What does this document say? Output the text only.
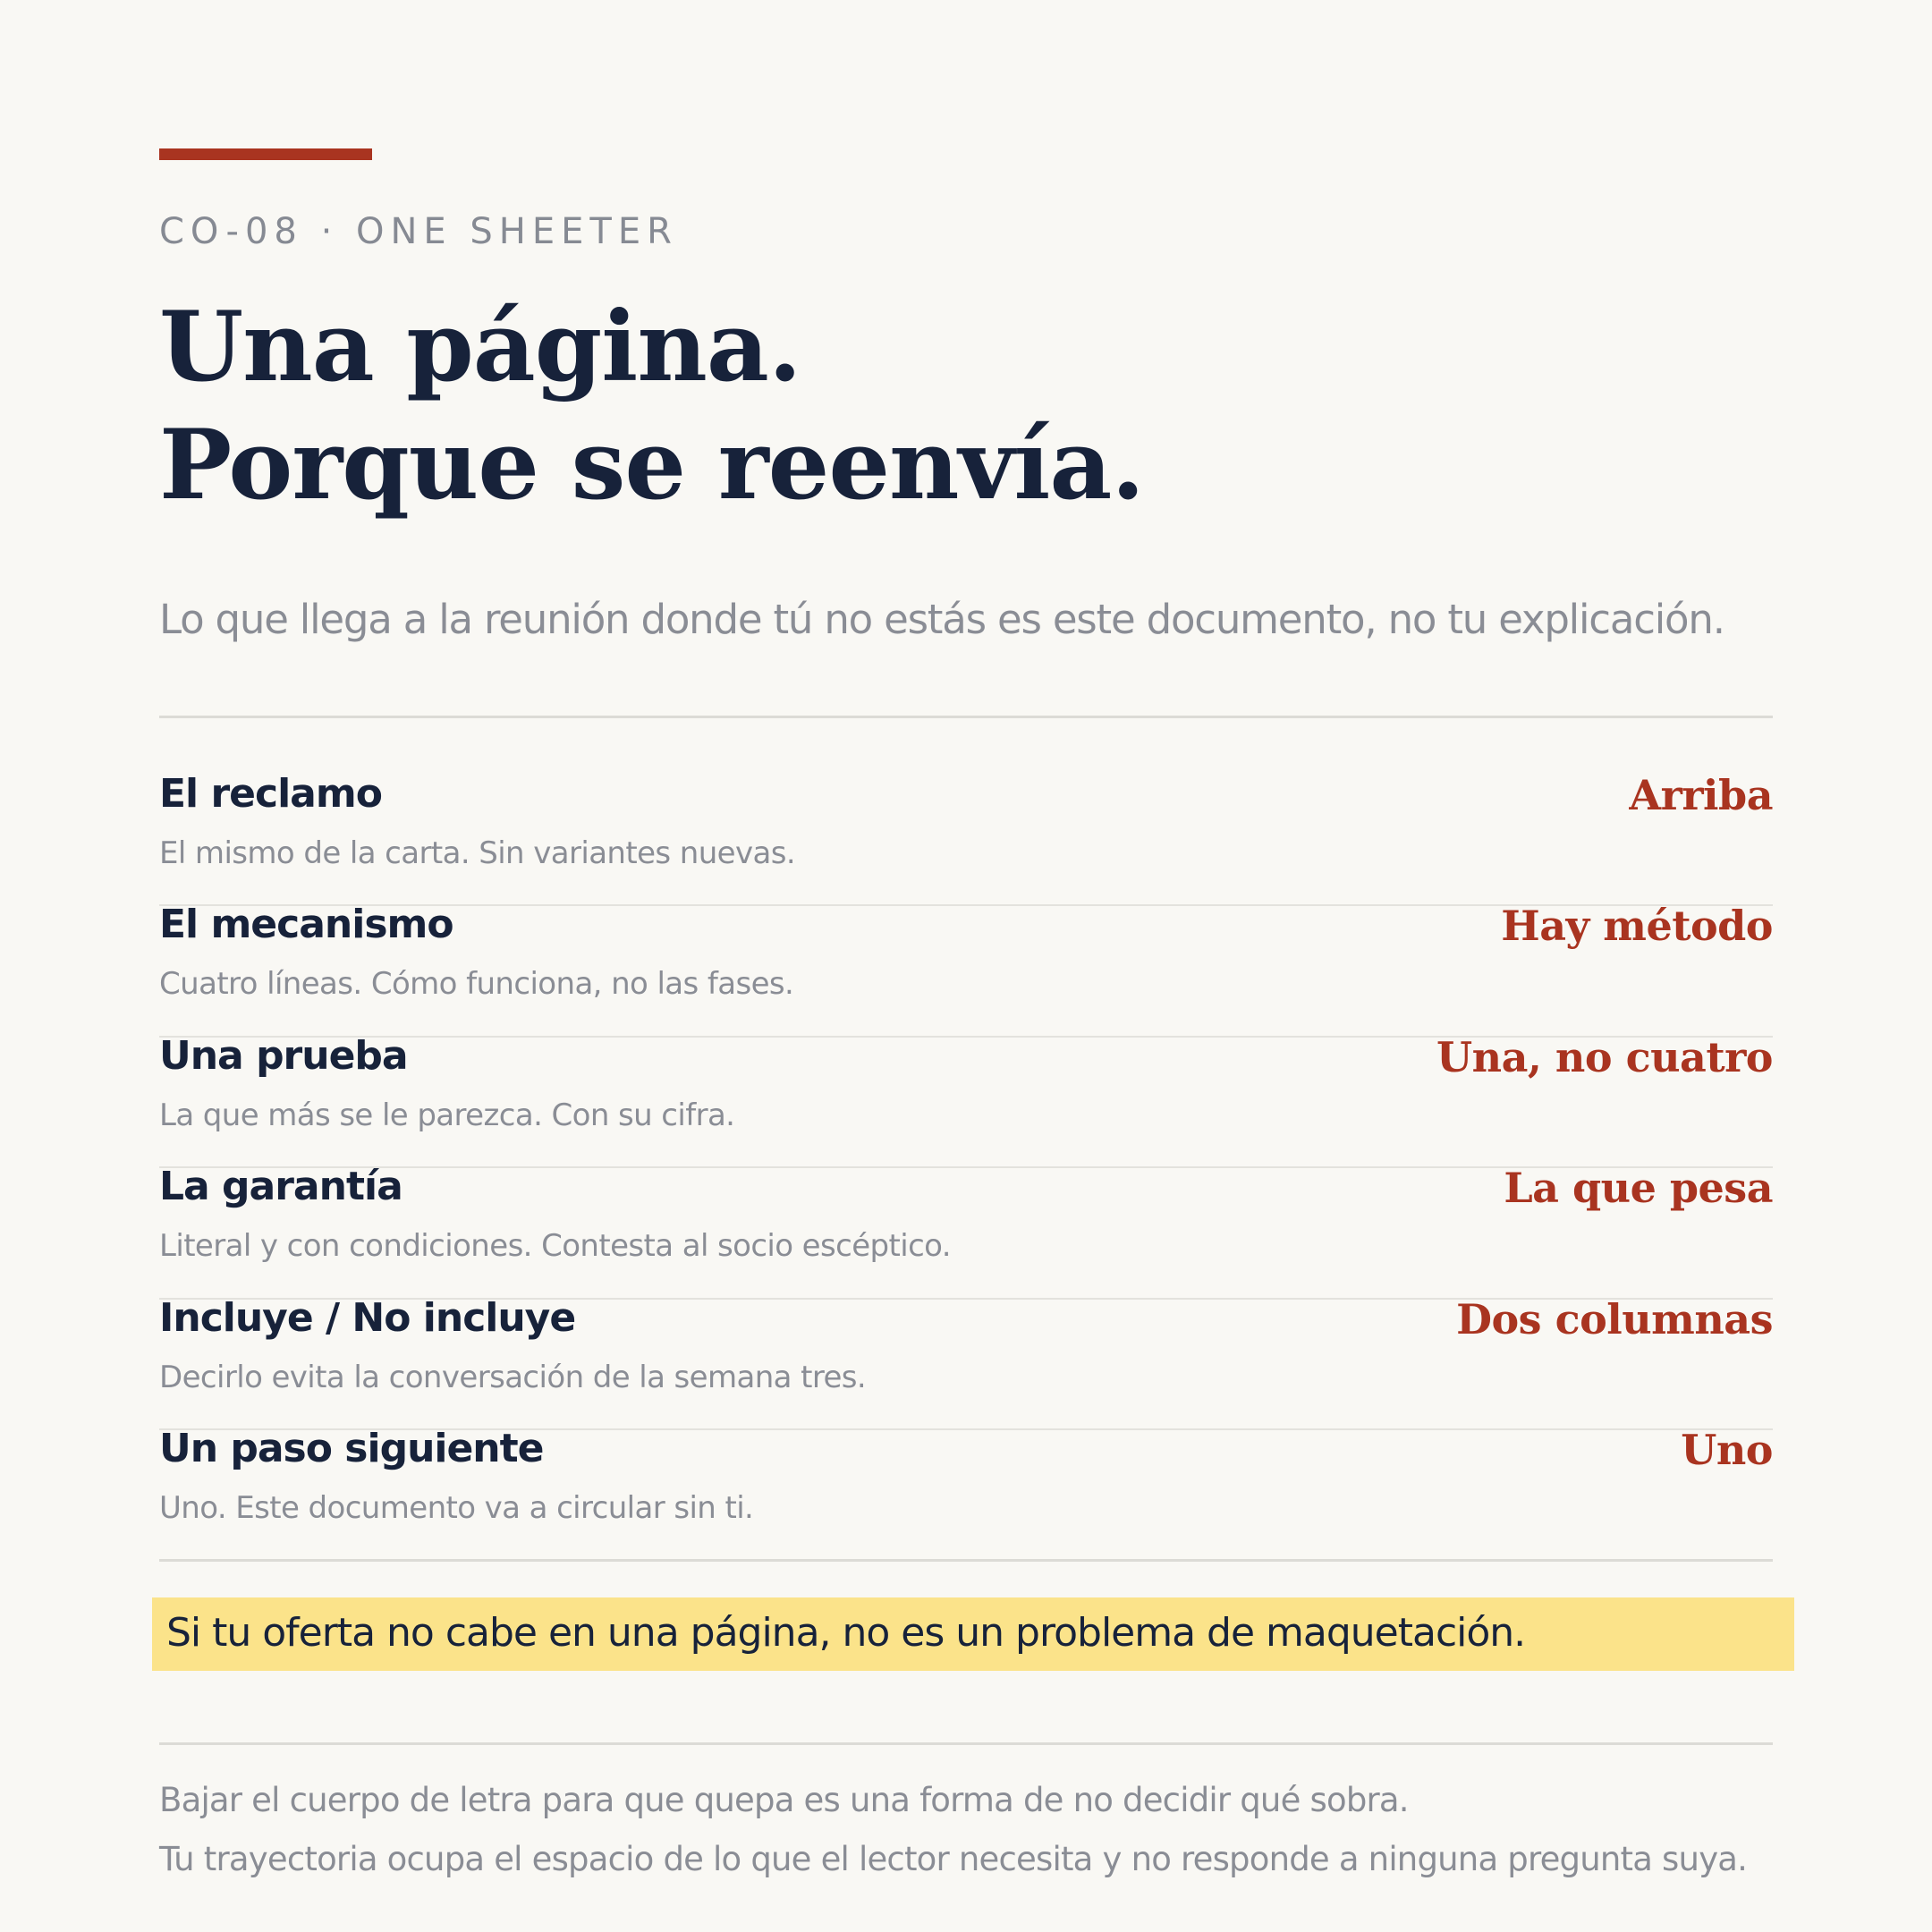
CO-08 · ONE SHEETER
Una página.
Porque se reenvía.
Lo que llega a la reunión donde tú no estás es este documento, no tu explicación.
El reclamo
El mismo de la carta. Sin variantes nuevas.
Arriba
El mecanismo
Cuatro líneas. Cómo funciona, no las fases.
Hay método
Una prueba
La que más se le parezca. Con su cifra.
Una, no cuatro
La garantía
Literal y con condiciones. Contesta al socio escéptico.
La que pesa
Incluye / No incluye
Decirlo evita la conversación de la semana tres.
Dos columnas
Un paso siguiente
Uno. Este documento va a circular sin ti.
Uno
Si tu oferta no cabe en una página, no es un problema de maquetación.
Bajar el cuerpo de letra para que quepa es una forma de no decidir qué sobra.
Tu trayectoria ocupa el espacio de lo que el lector necesita y no responde a ninguna pregunta suya.
